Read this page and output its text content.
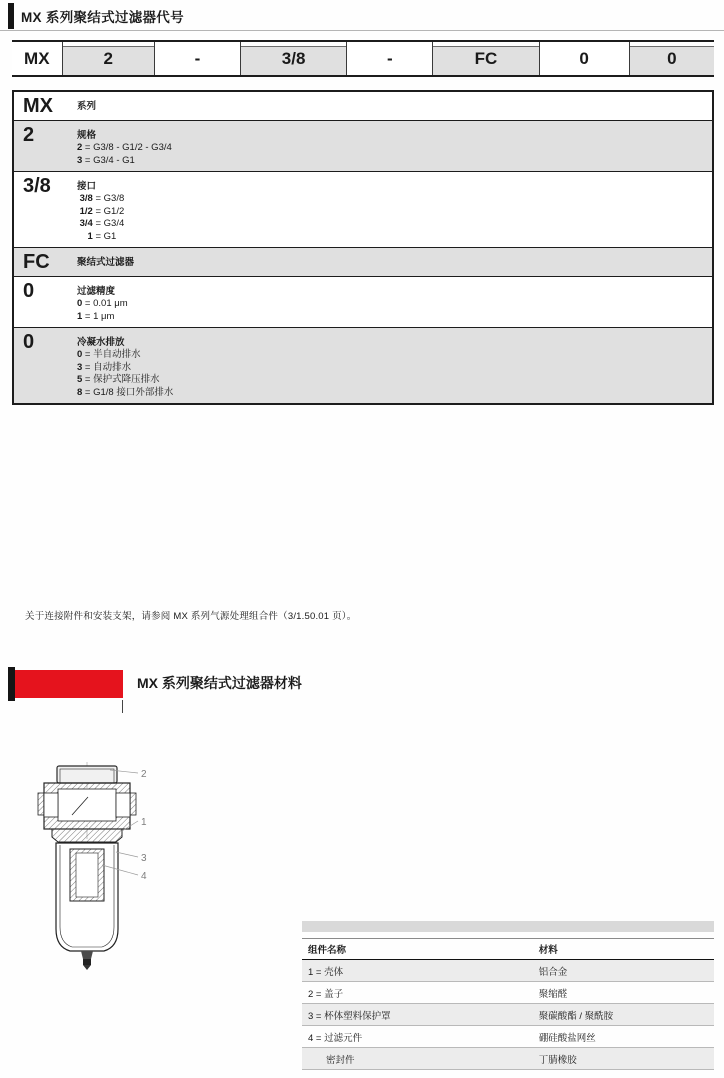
MX 系列聚结式过滤器代号
MX	2	-	3/8	-	FC	0	0
MX	系列
2	规格
2 = G3/8 - G1/2 - G3/4
3 = G3/4 - G1
3/8	接口
3/8 = G3/8
1/2 = G1/2
3/4 = G3/4
1 = G1
FC	聚结式过滤器
0	过滤精度
0 = 0.01 μm
1 = 1 μm
0	冷凝水排放
0 = 半自动排水
3 = 自动排水
5 = 保护式降压排水
8 = G1/8 接口外部排水

关于连接附件和安装支架，请参阅 MX 系列气源处理组合件（3/1.50.01 页）。

MX 系列聚结式过滤器材料
2
1
3
4
组件名称	材料
1 = 壳体	铝合金
2 = 盖子	聚缩醛
3 = 杯体塑料保护罩	聚碳酸酯 / 聚酰胺
4 = 过滤元件	硼硅酸盐网丝
密封件	丁腈橡胶
